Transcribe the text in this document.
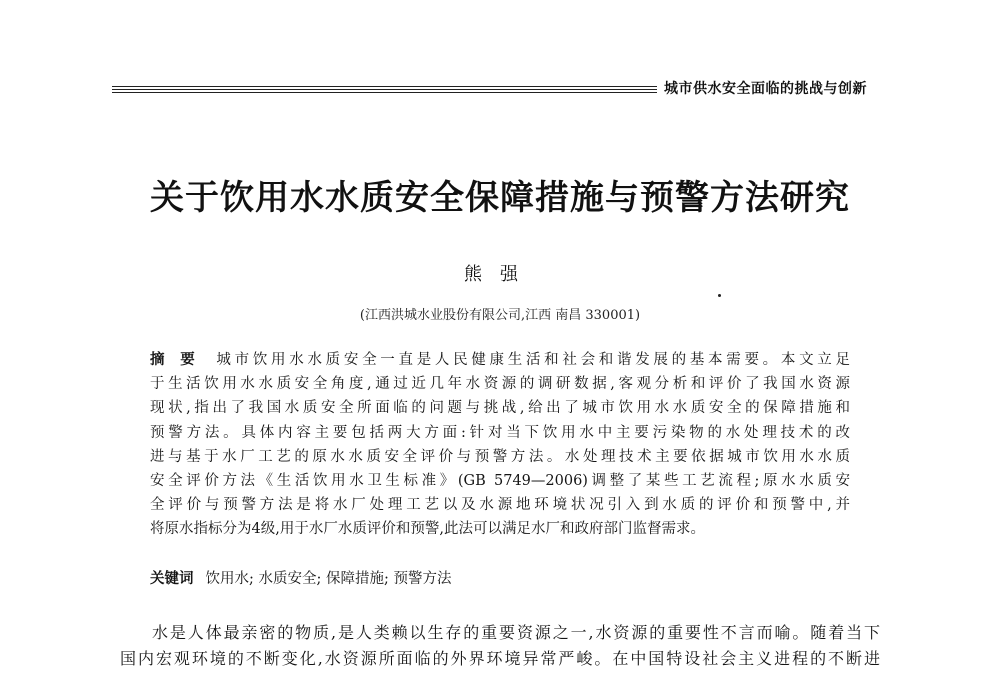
城市供水安全面临的挑战与创新
关于饮用水水质安全保障措施与预警方法研究
熊强
(江西洪城水业股份有限公司,江西 南昌 330001)
摘要 城市饮用水水质安全一直是人民健康生活和社会和谐发展的基本需要。本文立足
于生活饮用水水质安全角度,通过近几年水资源的调研数据,客观分析和评价了我国水资源
现状,指出了我国水质安全所面临的问题与挑战,给出了城市饮用水水质安全的保障措施和
预警方法。具体内容主要包括两大方面:针对当下饮用水中主要污染物的水处理技术的改
进与基于水厂工艺的原水水质安全评价与预警方法。水处理技术主要依据城市饮用水水质
安全评价方法《生活饮用水卫生标准》(GB 5749—2006)调整了某些工艺流程;原水水质安
全评价与预警方法是将水厂处理工艺以及水源地环境状况引入到水质的评价和预警中,并
将原水指标分为4级,用于水厂水质评价和预警,此法可以满足水厂和政府部门监督需求。
关键词 饮用水; 水质安全; 保障措施; 预警方法
水是人体最亲密的物质,是人类赖以生存的重要资源之一,水资源的重要性不言而喻。随着当下
国内宏观环境的不断变化,水资源所面临的外界环境异常严峻。在中国特设社会主义进程的不断进
